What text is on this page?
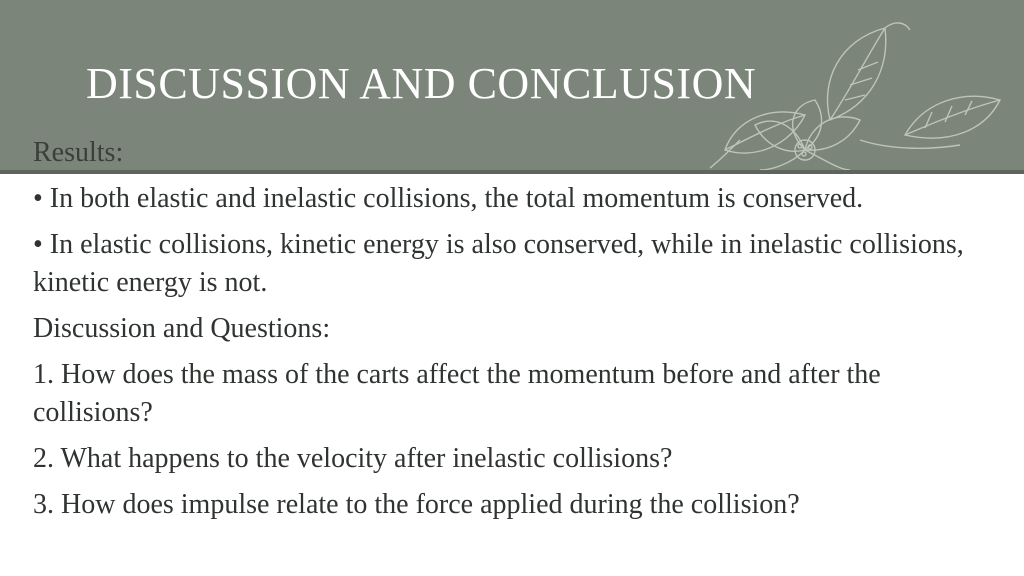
DISCUSSION AND CONCLUSION
Results:

• In both elastic and inelastic collisions, the total momentum is conserved.

• In elastic collisions, kinetic energy is also conserved, while in inelastic collisions, kinetic energy is not.

Discussion and Questions:

1. How does the mass of the carts affect the momentum before and after the collisions?

2. What happens to the velocity after inelastic collisions?

3. How does impulse relate to the force applied during the collision?
